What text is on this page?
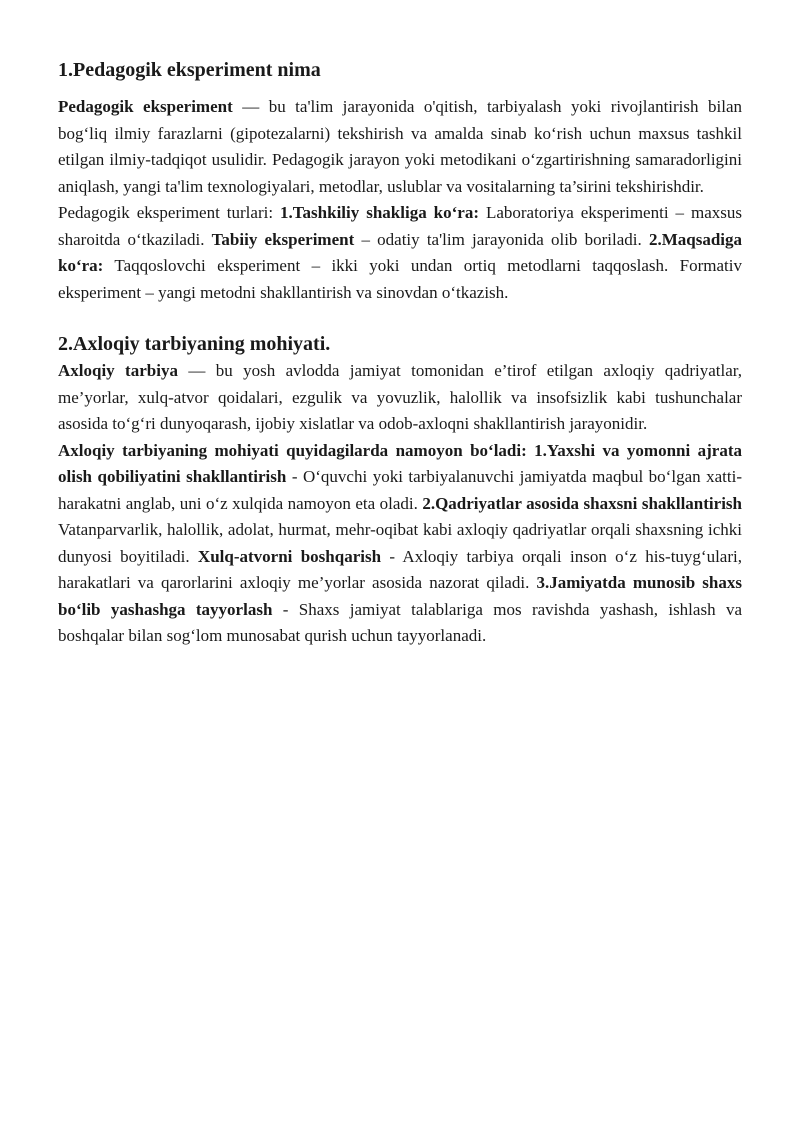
1.Pedagogik eksperiment nima

Pedagogik eksperiment — bu ta'lim jarayonida o'qitish, tarbiyalash yoki rivojlantirish bilan bog‘liq ilmiy farazlarni (gipotezalarni) tekshirish va amalda sinab ko‘rish uchun maxsus tashkil etilgan ilmiy-tadqiqot usulidir. Pedagogik jarayon yoki metodikani o‘zgartirishning samaradorligini aniqlash, yangi ta'lim texnologiyalari, metodlar, uslublar va vositalarning ta’sirini tekshirishdir.

Pedagogik eksperiment turlari: 1.Tashkiliy shakliga ko‘ra: Laboratoriya eksperimenti – maxsus sharoitda o‘tkaziladi. Tabiiy eksperiment – odatiy ta'lim jarayonida olib boriladi. 2.Maqsadiga ko‘ra: Taqqoslovchi eksperiment – ikki yoki undan ortiq metodlarni taqqoslash. Formativ eksperiment – yangi metodni shakllantirish va sinovdan o‘tkazish.

2.Axloqiy tarbiyaning mohiyati.

Axloqiy tarbiya — bu yosh avlodda jamiyat tomonidan e’tirof etilgan axloqiy qadriyatlar, me’yorlar, xulq-atvor qoidalari, ezgulik va yovuzlik, halollik va insofsizlik kabi tushunchalar asosida to‘g‘ri dunyoqarash, ijobiy xislatlar va odob-axloqni shakllantirish jarayonidir.

Axloqiy tarbiyaning mohiyati quyidagilarda namoyon bo‘ladi: 1.Yaxshi va yomonni ajrata olish qobiliyatini shakllantirish - O‘quvchi yoki tarbiyalanuvchi jamiyatda maqbul bo‘lgan xatti-harakatni anglab, uni o‘z xulqida namoyon eta oladi. 2.Qadriyatlar asosida shaxsni shakllantirish Vatanparvarlik, halollik, adolat, hurmat, mehr-oqibat kabi axloqiy qadriyatlar orqali shaxsning ichki dunyosi boyitiladi. Xulq-atvorni boshqarish - Axloqiy tarbiya orqali inson o‘z his-tuyg‘ulari, harakatlari va qarorlarini axloqiy me’yorlar asosida nazorat qiladi. 3.Jamiyatda munosib shaxs bo‘lib yashashga tayyorlash - Shaxs jamiyat talablariga mos ravishda yashash, ishlash va boshqalar bilan sog‘lom munosabat qurish uchun tayyorlanadi.
